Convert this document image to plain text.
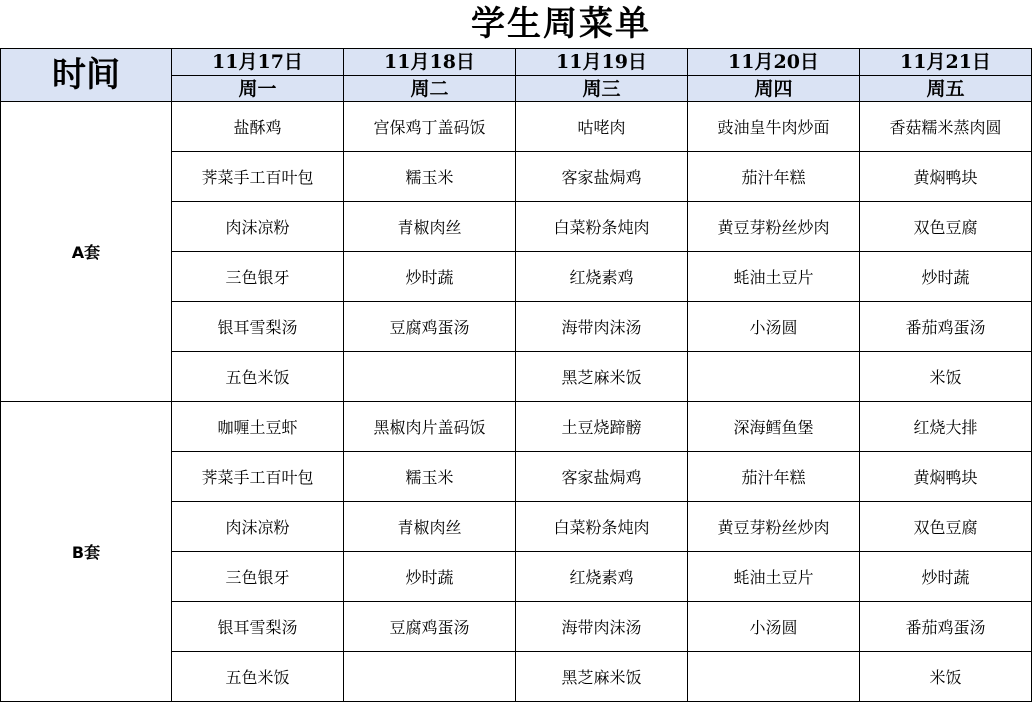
学生周菜单
时间	11月17日	11月18日	11月19日	11月20日	11月21日
	周一	周二	周三	周四	周五
A套	盐酥鸡	宫保鸡丁盖码饭	咕咾肉	豉油皇牛肉炒面	香菇糯米蒸肉圆
	荠菜手工百叶包	糯玉米	客家盐焗鸡	茄汁年糕	黄焖鸭块
	肉沫凉粉	青椒肉丝	白菜粉条炖肉	黄豆芽粉丝炒肉	双色豆腐
	三色银牙	炒时蔬	红烧素鸡	蚝油土豆片	炒时蔬
	银耳雪梨汤	豆腐鸡蛋汤	海带肉沫汤	小汤圆	番茄鸡蛋汤
	五色米饭		黑芝麻米饭		米饭
B套	咖喱土豆虾	黑椒肉片盖码饭	土豆烧蹄髈	深海鳕鱼堡	红烧大排
	荠菜手工百叶包	糯玉米	客家盐焗鸡	茄汁年糕	黄焖鸭块
	肉沫凉粉	青椒肉丝	白菜粉条炖肉	黄豆芽粉丝炒肉	双色豆腐
	三色银牙	炒时蔬	红烧素鸡	蚝油土豆片	炒时蔬
	银耳雪梨汤	豆腐鸡蛋汤	海带肉沫汤	小汤圆	番茄鸡蛋汤
	五色米饭		黑芝麻米饭		米饭
